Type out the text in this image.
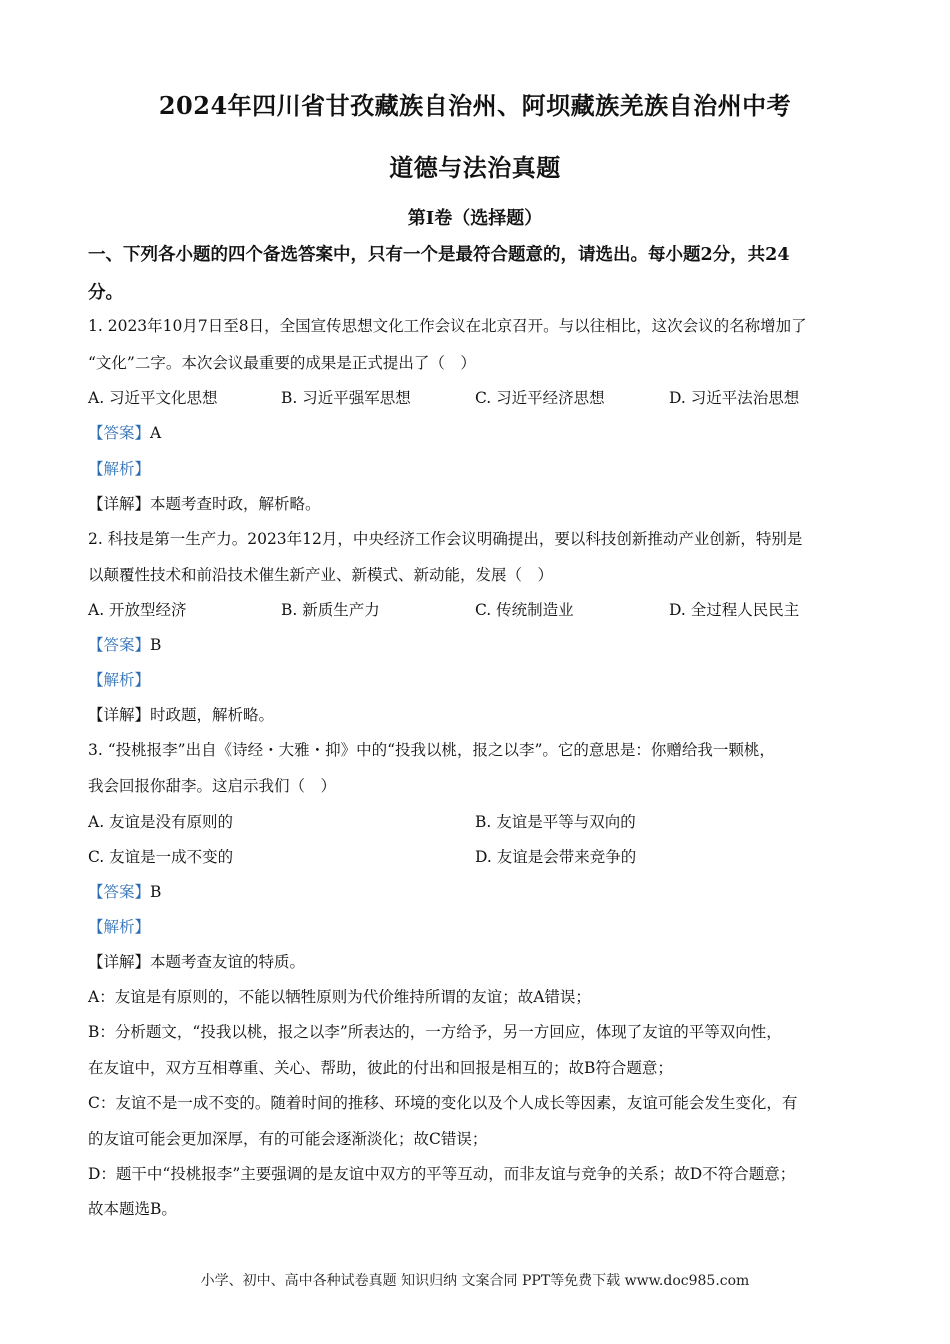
2024年四川省甘孜藏族自治州、阿坝藏族羌族自治州中考
道德与法治真题
第Ⅰ卷（选择题）
一、下列各小题的四个备选答案中，只有一个是最符合题意的，请选出。每小题2分，共24
分。
1. 2023年10月7日至8日，全国宣传思想文化工作会议在北京召开。与以往相比，这次会议的名称增加了
“文化”二字。本次会议最重要的成果是正式提出了（　）
A. 习近平文化思想	B. 习近平强军思想	C. 习近平经济思想	D. 习近平法治思想
【答案】A
【解析】
【详解】本题考查时政，解析略。
2. 科技是第一生产力。2023年12月，中央经济工作会议明确提出，要以科技创新推动产业创新，特别是
以颠覆性技术和前沿技术催生新产业、新模式、新动能，发展（　）
A. 开放型经济	B. 新质生产力	C. 传统制造业	D. 全过程人民民主
【答案】B
【解析】
【详解】时政题，解析略。
3. “投桃报李”出自《诗经・大雅・抑》中的“投我以桃，报之以李”。它的意思是：你赠给我一颗桃，
我会回报你甜李。这启示我们（　）
A. 友谊是没有原则的	B. 友谊是平等与双向的
C. 友谊是一成不变的	D. 友谊是会带来竞争的
【答案】B
【解析】
【详解】本题考查友谊的特质。
A：友谊是有原则的，不能以牺牲原则为代价维持所谓的友谊；故A错误；
B：分析题文，“投我以桃，报之以李”所表达的，一方给予，另一方回应，体现了友谊的平等双向性，
在友谊中，双方互相尊重、关心、帮助，彼此的付出和回报是相互的；故B符合题意；
C：友谊不是一成不变的。随着时间的推移、环境的变化以及个人成长等因素，友谊可能会发生变化，有
的友谊可能会更加深厚，有的可能会逐渐淡化；故C错误；
D：题干中“投桃报李”主要强调的是友谊中双方的平等互动，而非友谊与竞争的关系；故D不符合题意；
故本题选B。
小学、初中、高中各种试卷真题 知识归纳 文案合同 PPT等免费下载 www.doc985.com
